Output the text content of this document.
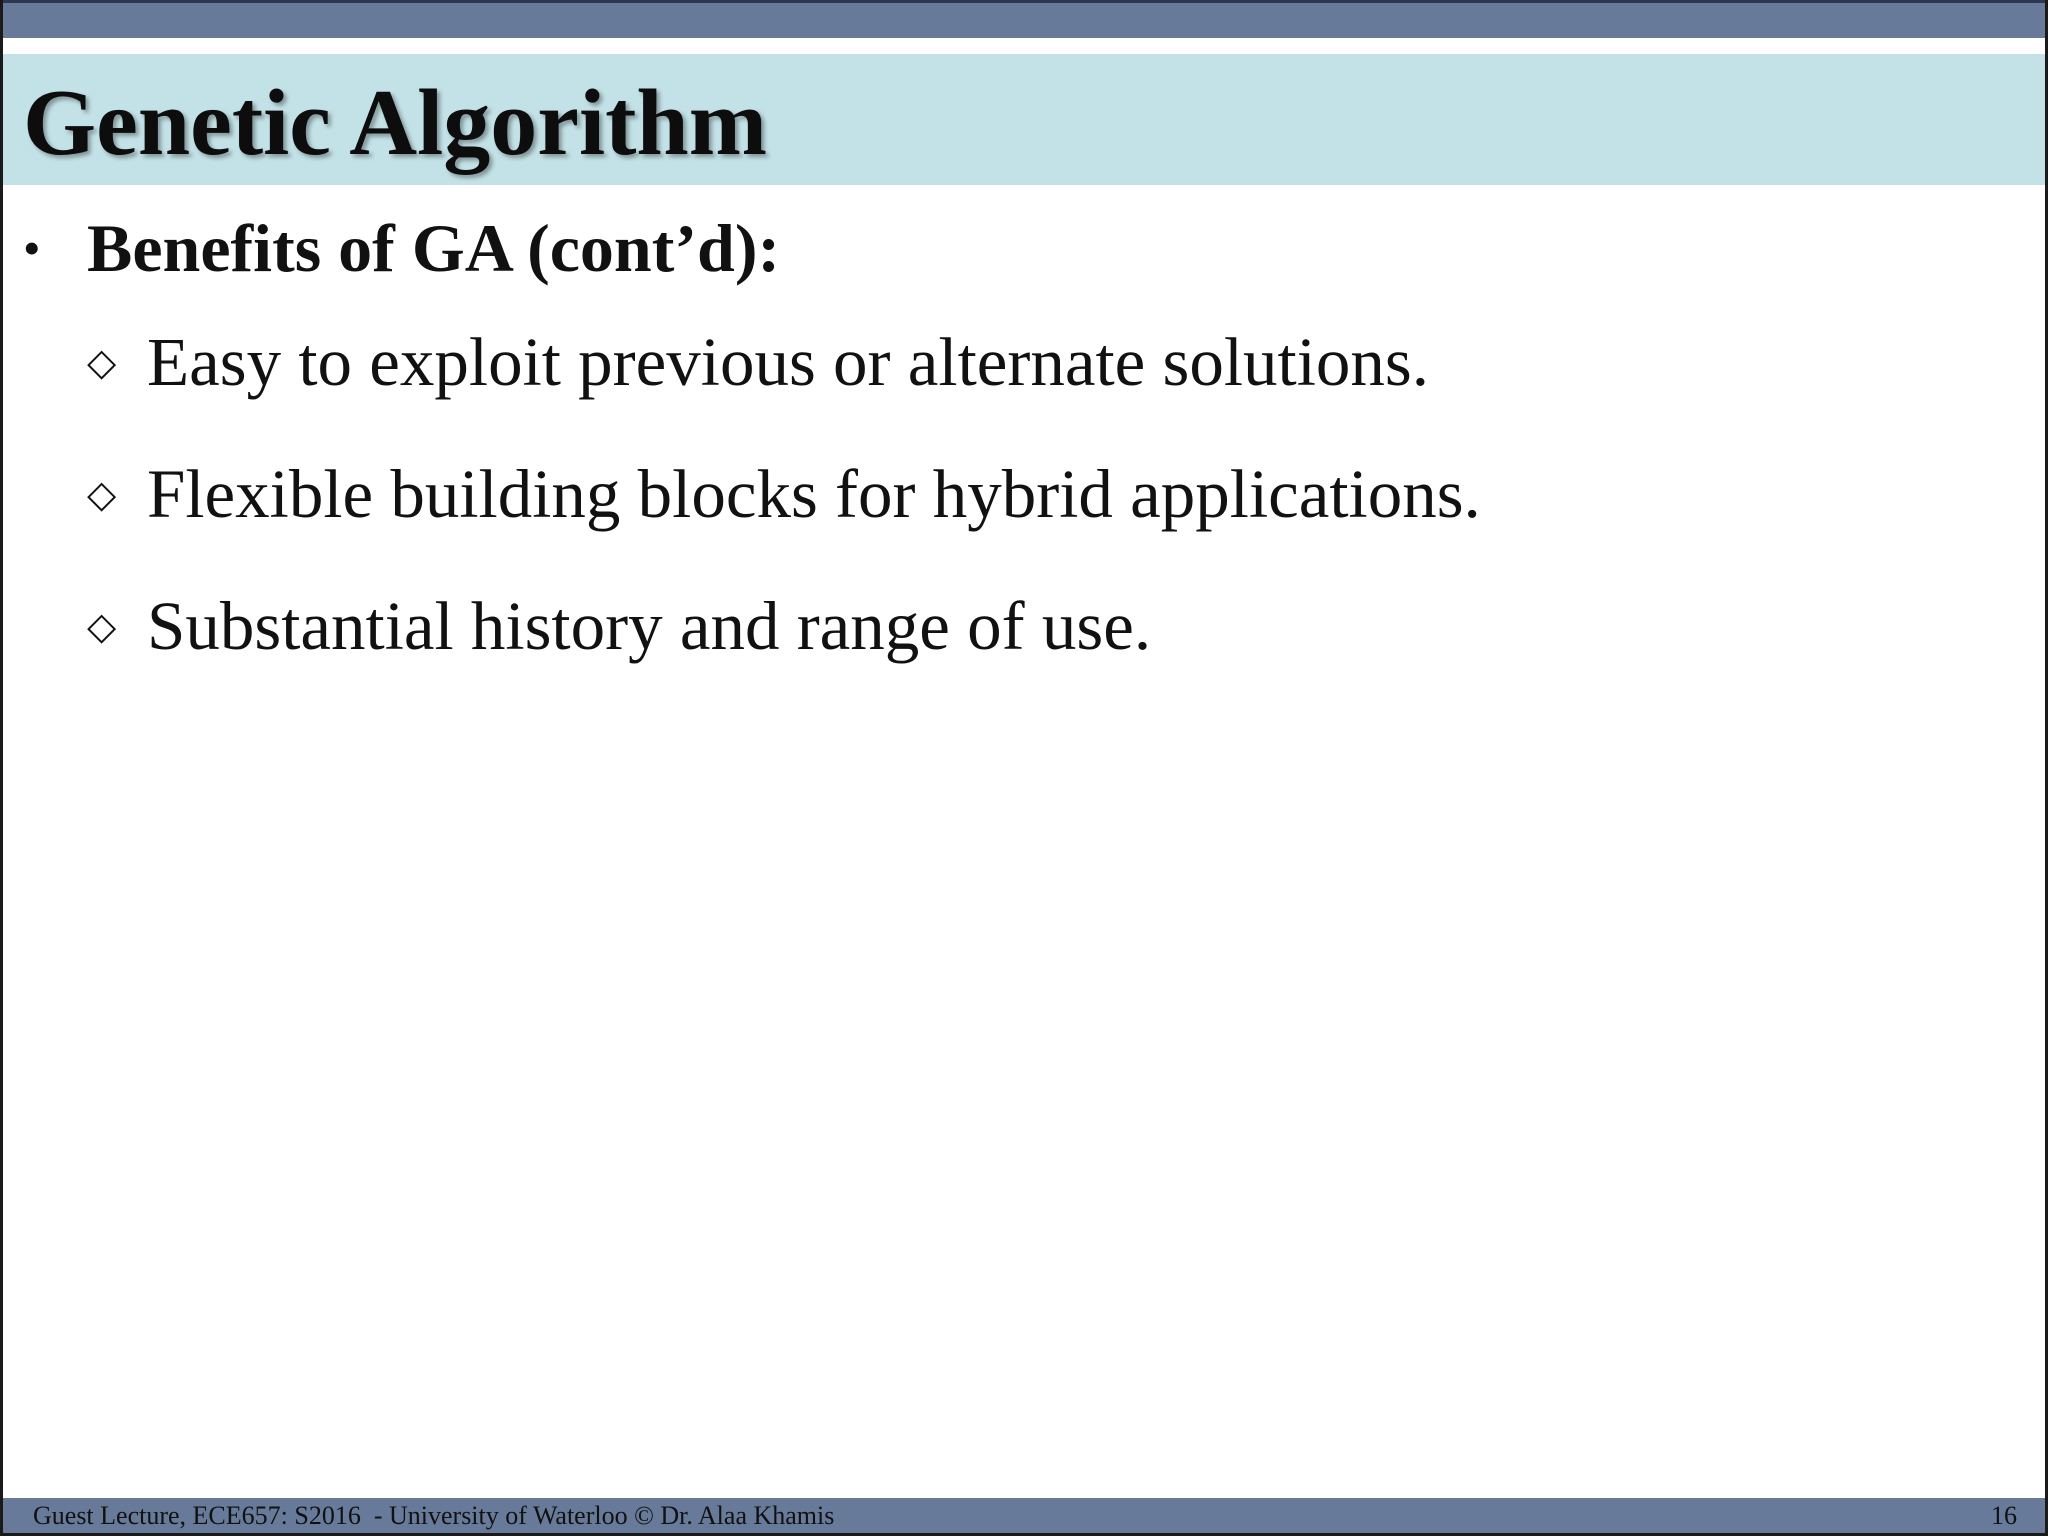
Genetic Algorithm
• Benefits of GA (cont’d):
◇ Easy to exploit previous or alternate solutions.
◇ Flexible building blocks for hybrid applications.
◇ Substantial history and range of use.
Guest Lecture, ECE657: S2016  - University of Waterloo © Dr. Alaa Khamis	16
